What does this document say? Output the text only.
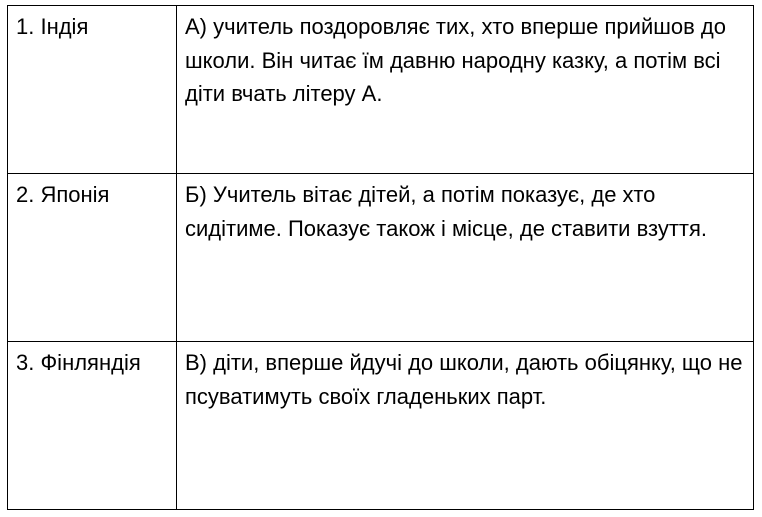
1. Індія	А) учитель поздоровляє тих, хто вперше прийшов до школи. Він читає їм давню народну казку, а потім всі діти вчать літеру А.
2. Японія	Б) Учитель вітає дітей, а потім показує, де хто сидітиме. Показує також і місце, де ставити взуття.
3. Фінляндія	В) діти, вперше йдучі до школи, дають обіцянку, що не псуватимуть своїх гладеньких парт.
